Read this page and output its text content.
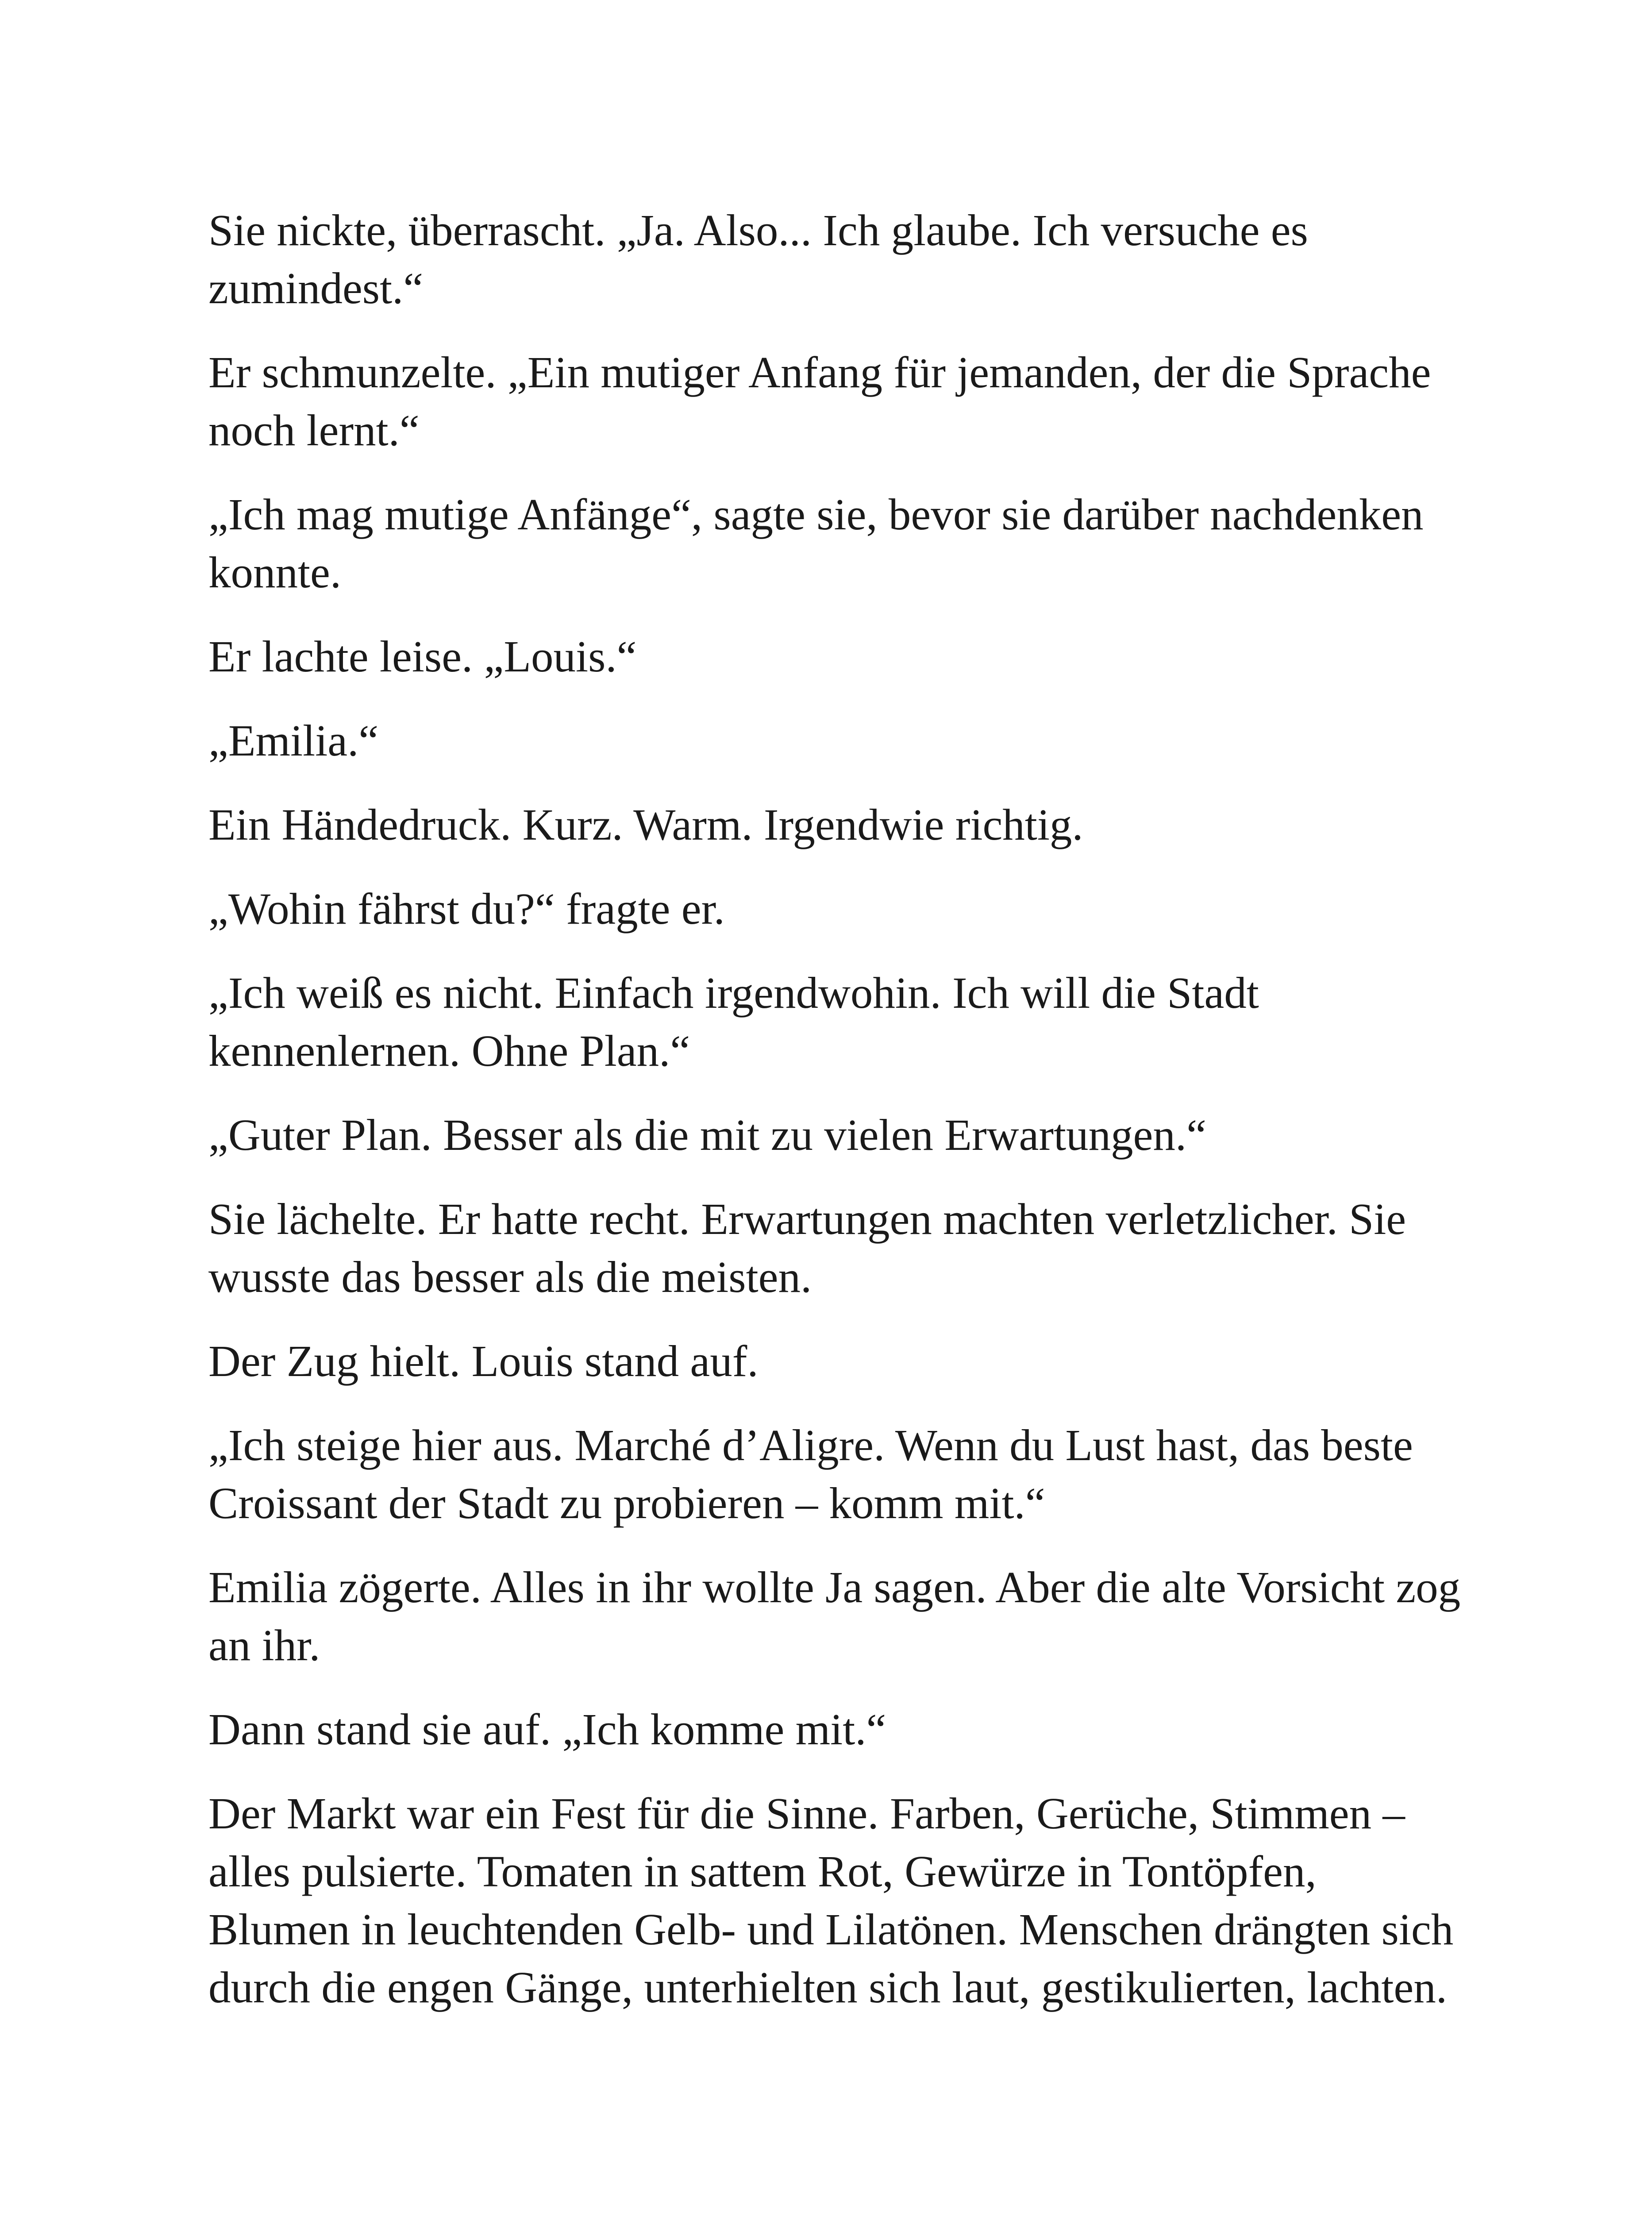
Sie nickte, überrascht. „Ja. Also... Ich glaube. Ich versuche es zumindest.“

Er schmunzelte. „Ein mutiger Anfang für jemanden, der die Sprache noch lernt.“

„Ich mag mutige Anfänge“, sagte sie, bevor sie darüber nachdenken konnte.

Er lachte leise. „Louis.“

„Emilia.“

Ein Händedruck. Kurz. Warm. Irgendwie richtig.

„Wohin fährst du?“ fragte er.

„Ich weiß es nicht. Einfach irgendwohin. Ich will die Stadt kennenlernen. Ohne Plan.“

„Guter Plan. Besser als die mit zu vielen Erwartungen.“

Sie lächelte. Er hatte recht. Erwartungen machten verletzlicher. Sie wusste das besser als die meisten.

Der Zug hielt. Louis stand auf.

„Ich steige hier aus. Marché d’Aligre. Wenn du Lust hast, das beste Croissant der Stadt zu probieren – komm mit.“

Emilia zögerte. Alles in ihr wollte Ja sagen. Aber die alte Vorsicht zog an ihr.

Dann stand sie auf. „Ich komme mit.“

Der Markt war ein Fest für die Sinne. Farben, Gerüche, Stimmen – alles pulsierte. Tomaten in sattem Rot, Gewürze in Tontöpfen, Blumen in leuchtenden Gelb- und Lilatönen. Menschen drängten sich durch die engen Gänge, unterhielten sich laut, gestikulierten, lachten.
